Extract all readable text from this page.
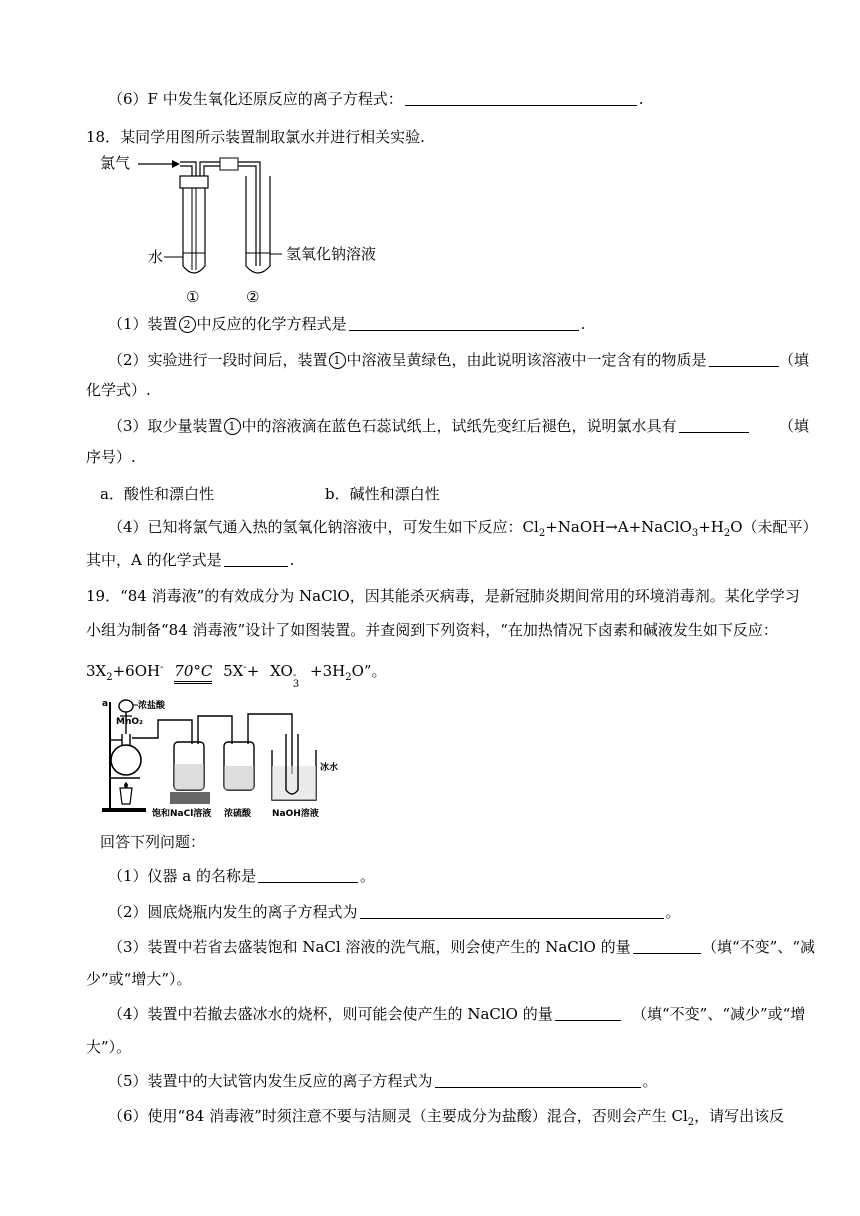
（6）F 中发生氧化还原反应的离子方程式：	.
18．某同学用图所示装置制取氯水并进行相关实验.
氯气
水	氢氧化钠溶液
①	②
（1）装置 2 中反应的化学方程式是	.
（2）实验进行一段时间后，装置 1 中溶液呈黄绿色，由此说明该溶液中一定含有的物质是	（填
化学式）.
（3）取少量装置 1 中的溶液滴在蓝色石蕊试纸上，试纸先变红后褪色，说明氯水具有	（填
序号）.
a．酸性和漂白性	b．碱性和漂白性
（4）已知将氯气通入热的氢氧化钠溶液中，可发生如下反应：$Cl_2+NaOH\to A+NaClO_3+H_2O$（未配平）
其中，A 的化学式是	.
19．“84 消毒液”的有效成分为 NaClO，因其能杀灭病毒，是新冠肺炎期间常用的环境消毒剂。某化学学习
小组为制备“84 消毒液”设计了如图装置。并查阅到下列资料，“在加热情况下卤素和碱液发生如下反应：
$3X_2+6OH^-$ 70°C 5X-+ XO -
3
$+3H_2O$”。
a	浓盐酸
MnO₂
饱和NaCl溶液 浓硫酸
冰水
NaOH溶液
回答下列问题：
（1）仪器 a 的名称是	。
（2）圆底烧瓶内发生的离子方程式为	。
（3）装置中若省去盛装饱和 NaCl 溶液的洗气瓶，则会使产生的 NaClO 的量	（填“不变”、“减
少”或“增大”）。
（4）装置中若撤去盛冰水的烧杯，则可能会使产生的 NaClO 的量	（填“不变”、“减少”或“增
大”）。
（5）装置中的大试管内发生反应的离子方程式为	。
（6）使用“84 消毒液”时须注意不要与洁厕灵（主要成分为盐酸）混合，否则会产生 $Cl_2$，请写出该反
